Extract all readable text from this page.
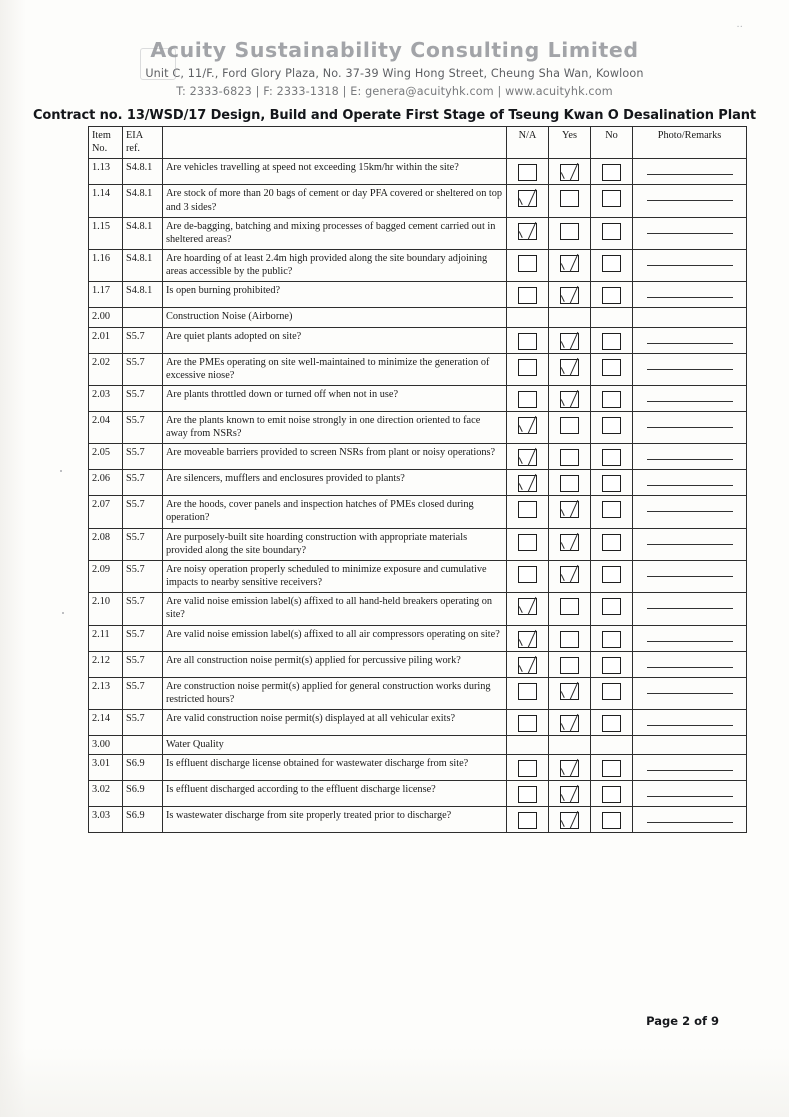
··
Acuity Sustainability Consulting Limited
Unit C, 11/F., Ford Glory Plaza, No. 37-39 Wing Hong Street, Cheung Sha Wan, Kowloon
T: 2333-6823 | F: 2333-1318 | E: genera@acuityhk.com | www.acuityhk.com
Contract no. 13/WSD/17 Design, Build and Operate First Stage of Tseung Kwan O Desalination Plant
Item
No.	EIA ref.		N/A	Yes	No	Photo/Remarks
1.13	S4.8.1	Are vehicles travelling at speed not exceeding 15km/hr within the site?	

1.14	S4.8.1	Are stock of more than 20 bags of cement or day PFA covered or sheltered on top and 3 sides?	

1.15	S4.8.1	Are de-bagging, batching and mixing processes of bagged cement carried out in sheltered areas?	

1.16	S4.8.1	Are hoarding of at least 2.4m high provided along the site boundary adjoining areas accessible by the public?	

1.17	S4.8.1	Is open burning prohibited?	

2.00		Construction Noise (Airborne)				
2.01	S5.7	Are quiet plants adopted on site?	

2.02	S5.7	Are the PMEs operating on site well-maintained to minimize the generation of excessive niose?	

2.03	S5.7	Are plants throttled down or turned off when not in use?	

2.04	S5.7	Are the plants known to emit noise strongly in one direction oriented to face away from NSRs?	

2.05	S5.7	Are moveable barriers provided to screen NSRs from plant or noisy operations?	

2.06	S5.7	Are silencers, mufflers and enclosures provided to plants?	

2.07	S5.7	Are the hoods, cover panels and inspection hatches of PMEs closed during operation?	

2.08	S5.7	Are purposely-built site hoarding construction with appropriate materials provided along the site boundary?	

2.09	S5.7	Are noisy operation properly scheduled to minimize exposure and cumulative impacts to nearby sensitive receivers?	

2.10	S5.7	Are valid noise emission label(s) affixed to all hand-held breakers operating on site?	

2.11	S5.7	Are valid noise emission label(s) affixed to all air compressors operating on site?	

2.12	S5.7	Are all construction noise permit(s) applied for percussive piling work?	

2.13	S5.7	Are construction noise permit(s) applied for general construction works during restricted hours?	

2.14	S5.7	Are valid construction noise permit(s) displayed at all vehicular exits?	

3.00		Water Quality				
3.01	S6.9	Is effluent discharge license obtained for wastewater discharge from site?	

3.02	S6.9	Is effluent discharged according to the effluent discharge license?	

3.03	S6.9	Is wastewater discharge from site properly treated prior to discharge?	

Page 2 of 9
